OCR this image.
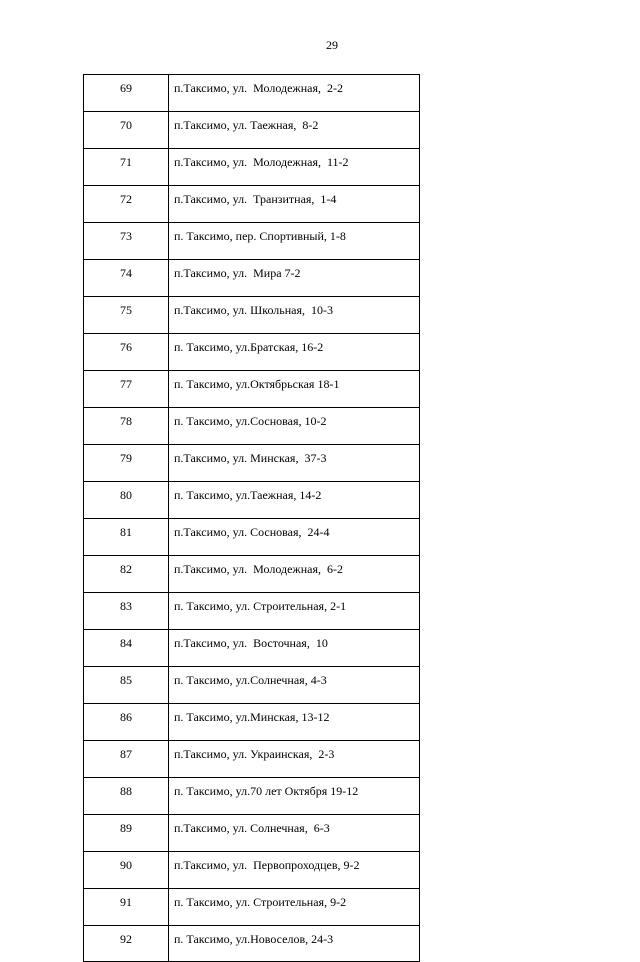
29
69	п.Таксимо, ул.  Молодежная,  2-2
70	п.Таксимо, ул. Таежная,  8-2
71	п.Таксимо, ул.  Молодежная,  11-2
72	п.Таксимо, ул.  Транзитная,  1-4
73	п. Таксимо, пер. Спортивный, 1-8
74	п.Таксимо, ул.  Мира 7-2
75	п.Таксимо, ул. Школьная,  10-3
76	п. Таксимо, ул.Братская, 16-2
77	п. Таксимо, ул.Октябрьская 18-1
78	п. Таксимо, ул.Сосновая, 10-2
79	п.Таксимо, ул. Минская,  37-3
80	п. Таксимо, ул.Таежная, 14-2
81	п.Таксимо, ул. Сосновая,  24-4
82	п.Таксимо, ул.  Молодежная,  6-2
83	п. Таксимо, ул. Строительная, 2-1
84	п.Таксимо, ул.  Восточная,  10
85	п. Таксимо, ул.Солнечная, 4-3
86	п. Таксимо, ул.Минская, 13-12
87	п.Таксимо, ул. Украинская,  2-3
88	п. Таксимо, ул.70 лет Октября 19-12
89	п.Таксимо, ул. Солнечная,  6-3
90	п.Таксимо, ул.  Первопроходцев, 9-2
91	п. Таксимо, ул. Строительная, 9-2
92	п. Таксимо, ул.Новоселов, 24-3
